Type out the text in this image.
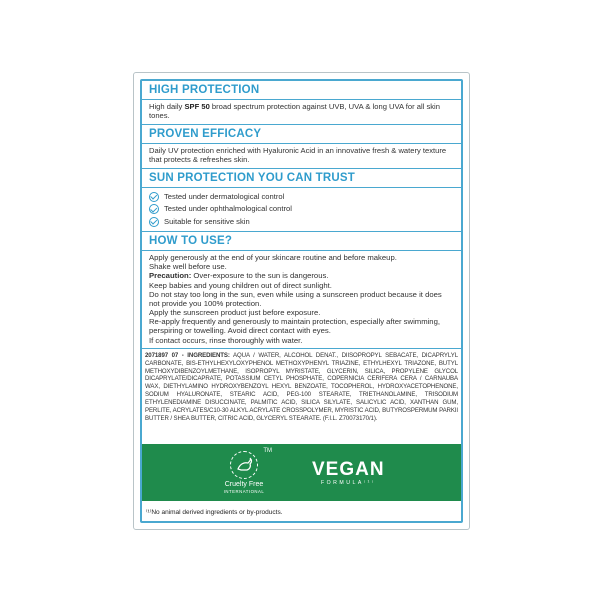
HIGH PROTECTION
High daily SPF 50 broad spectrum protection against UVB, UVA & long UVA for all skin tones.
PROVEN EFFICACY
Daily UV protection enriched with Hyaluronic Acid in an innovative fresh & watery texture that protects & refreshes skin.
SUN PROTECTION YOU CAN TRUST
Tested under dermatological control
Tested under ophthalmological control
Suitable for sensitive skin
HOW TO USE?
Apply generously at the end of your skincare routine and before makeup.
Shake well before use.
Precaution: Over-exposure to the sun is dangerous.
Keep babies and young children out of direct sunlight.
Do not stay too long in the sun, even while using a sunscreen product because it does not provide you 100% protection.
Apply the sunscreen product just before exposure.
Re-apply frequently and generously to maintain protection, especially after swimming, perspiring or towelling. Avoid direct contact with eyes.
If contact occurs, rinse thoroughly with water.
2071897 07 - INGREDIENTS: AQUA / WATER, ALCOHOL DENAT., DIISOPROPYL SEBACATE, DICAPRYLYL CARBONATE, BIS-ETHYLHEXYLOXYPHENOL METHOXYPHENYL TRIAZINE, ETHYLHEXYL TRIAZONE, BUTYL METHOXYDIBENZOYLMETHANE, ISOPROPYL MYRISTATE, GLYCERIN, SILICA, PROPYLENE GLYCOL DICAPRYLATE/DICAPRATE, POTASSIUM CETYL PHOSPHATE, COPERNICIA CERIFERA CERA / CARNAUBA WAX, DIETHYLAMINO HYDROXYBENZOYL HEXYL BENZOATE, TOCOPHEROL, HYDROXYACETOPHENONE, SODIUM HYALURONATE, STEARIC ACID, PEG-100 STEARATE, TRIETHANOLAMINE, TRISODIUM ETHYLENEDIAMINE DISUCCINATE, PALMITIC ACID, SILICA SILYLATE, SALICYLIC ACID, XANTHAN GUM, PERLITE, ACRYLATES/C10-30 ALKYL ACRYLATE CROSSPOLYMER, MYRISTIC ACID, BUTYROSPERMUM PARKII BUTTER / SHEA BUTTER, CITRIC ACID, GLYCERYL STEARATE. (F.I.L. Z70073170/1).
TM
Cruelty Free
INTERNATIONAL
VEGAN
FORMULA⁽¹⁾
⁽¹⁾No animal derived ingredients or by-products.
